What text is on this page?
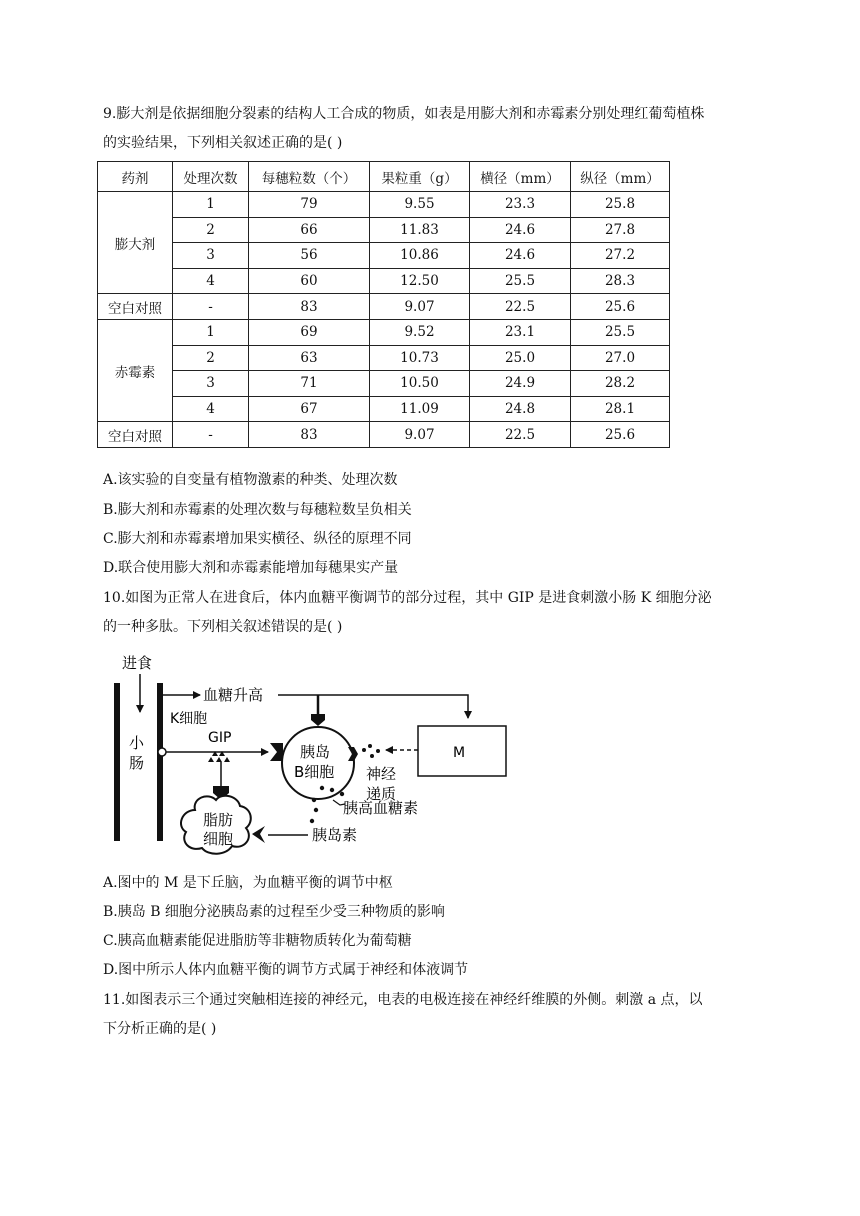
9.膨大剂是依据细胞分裂素的结构人工合成的物质，如表是用膨大剂和赤霉素分别处理红葡萄植株
的实验结果，下列相关叙述正确的是( )
药剂	处理次数	每穗粒数（个）	果粒重（g）	横径（mm）	纵径（mm）
膨大剂	1	79	9.55	23.3	25.8
	2	66	11.83	24.6	27.8
	3	56	10.86	24.6	27.2
	4	60	12.50	25.5	28.3
空白对照	-	83	9.07	22.5	25.6
赤霉素	1	69	9.52	23.1	25.5
	2	63	10.73	25.0	27.0
	3	71	10.50	24.9	28.2
	4	67	11.09	24.8	28.1
空白对照	-	83	9.07	22.5	25.6
A.该实验的自变量有植物激素的种类、处理次数
B.膨大剂和赤霉素的处理次数与每穗粒数呈负相关
C.膨大剂和赤霉素增加果实横径、纵径的原理不同
D.联合使用膨大剂和赤霉素能增加每穗果实产量
10.如图为正常人在进食后，体内血糖平衡调节的部分过程，其中 GIP 是进食刺激小肠 K 细胞分泌
的一种多肽。下列相关叙述错误的是( )
进食
小
肠
K细胞
血糖升高
GIP
胰岛
B细胞
M
神经
递质
胰高血糖素
胰岛素
脂肪
细胞
A.图中的 M 是下丘脑，为血糖平衡的调节中枢
B.胰岛 B 细胞分泌胰岛素的过程至少受三种物质的影响
C.胰高血糖素能促进脂肪等非糖物质转化为葡萄糖
D.图中所示人体内血糖平衡的调节方式属于神经和体液调节
11.如图表示三个通过突触相连接的神经元，电表的电极连接在神经纤维膜的外侧。刺激 a 点，以
下分析正确的是( )
